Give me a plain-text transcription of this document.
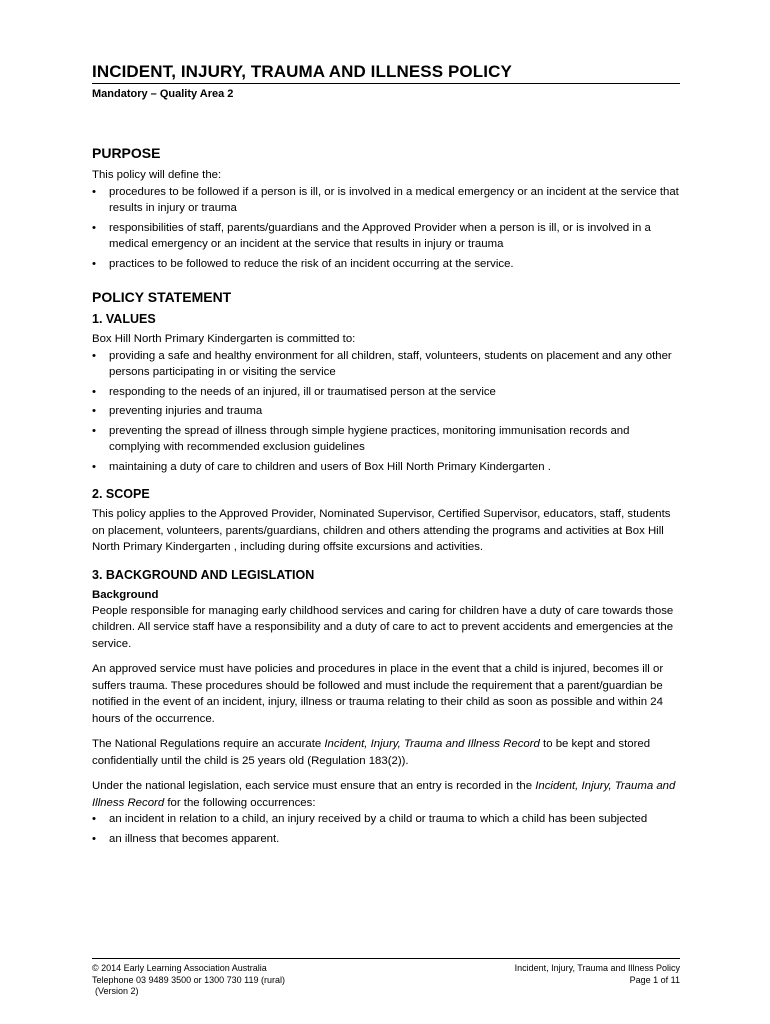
INCIDENT, INJURY, TRAUMA AND ILLNESS POLICY
Mandatory – Quality Area 2
PURPOSE

This policy will define the:

• procedures to be followed if a person is ill, or is involved in a medical emergency or an incident at the service that results in injury or trauma
• responsibilities of staff, parents/guardians and the Approved Provider when a person is ill, or is involved in a medical emergency or an incident at the service that results in injury or trauma
• practices to be followed to reduce the risk of an incident occurring at the service.
POLICY STATEMENT
1. VALUES

Box Hill North Primary Kindergarten is committed to:

• providing a safe and healthy environment for all children, staff, volunteers, students on placement and any other persons participating in or visiting the service
• responding to the needs of an injured, ill or traumatised person at the service
• preventing injuries and trauma
• preventing the spread of illness through simple hygiene practices, monitoring immunisation records and complying with recommended exclusion guidelines
• maintaining a duty of care to children and users of Box Hill North Primary Kindergarten .
2. SCOPE

This policy applies to the Approved Provider, Nominated Supervisor, Certified Supervisor, educators, staff, students on placement, volunteers, parents/guardians, children and others attending the programs and activities at Box Hill North Primary Kindergarten , including during offsite excursions and activities.

3. BACKGROUND AND LEGISLATION
Background

People responsible for managing early childhood services and caring for children have a duty of care towards those children. All service staff have a responsibility and a duty of care to act to prevent accidents and emergencies at the service.

An approved service must have policies and procedures in place in the event that a child is injured, becomes ill or suffers trauma. These procedures should be followed and must include the requirement that a parent/guardian be notified in the event of an incident, injury, illness or trauma relating to their child as soon as possible and within 24 hours of the occurrence.

The National Regulations require an accurate Incident, Injury, Trauma and Illness Record to be kept and stored confidentially until the child is 25 years old (Regulation 183(2)).

Under the national legislation, each service must ensure that an entry is recorded in the Incident, Injury, Trauma and Illness Record for the following occurrences:

• an incident in relation to a child, an injury received by a child or trauma to which a child has been subjected
• an illness that becomes apparent.
© 2014 Early Learning Association Australia
Telephone 03 9489 3500 or 1300 730 119 (rural)
(Version 2)
Incident, Injury, Trauma and Illness Policy
Page 1 of 11
